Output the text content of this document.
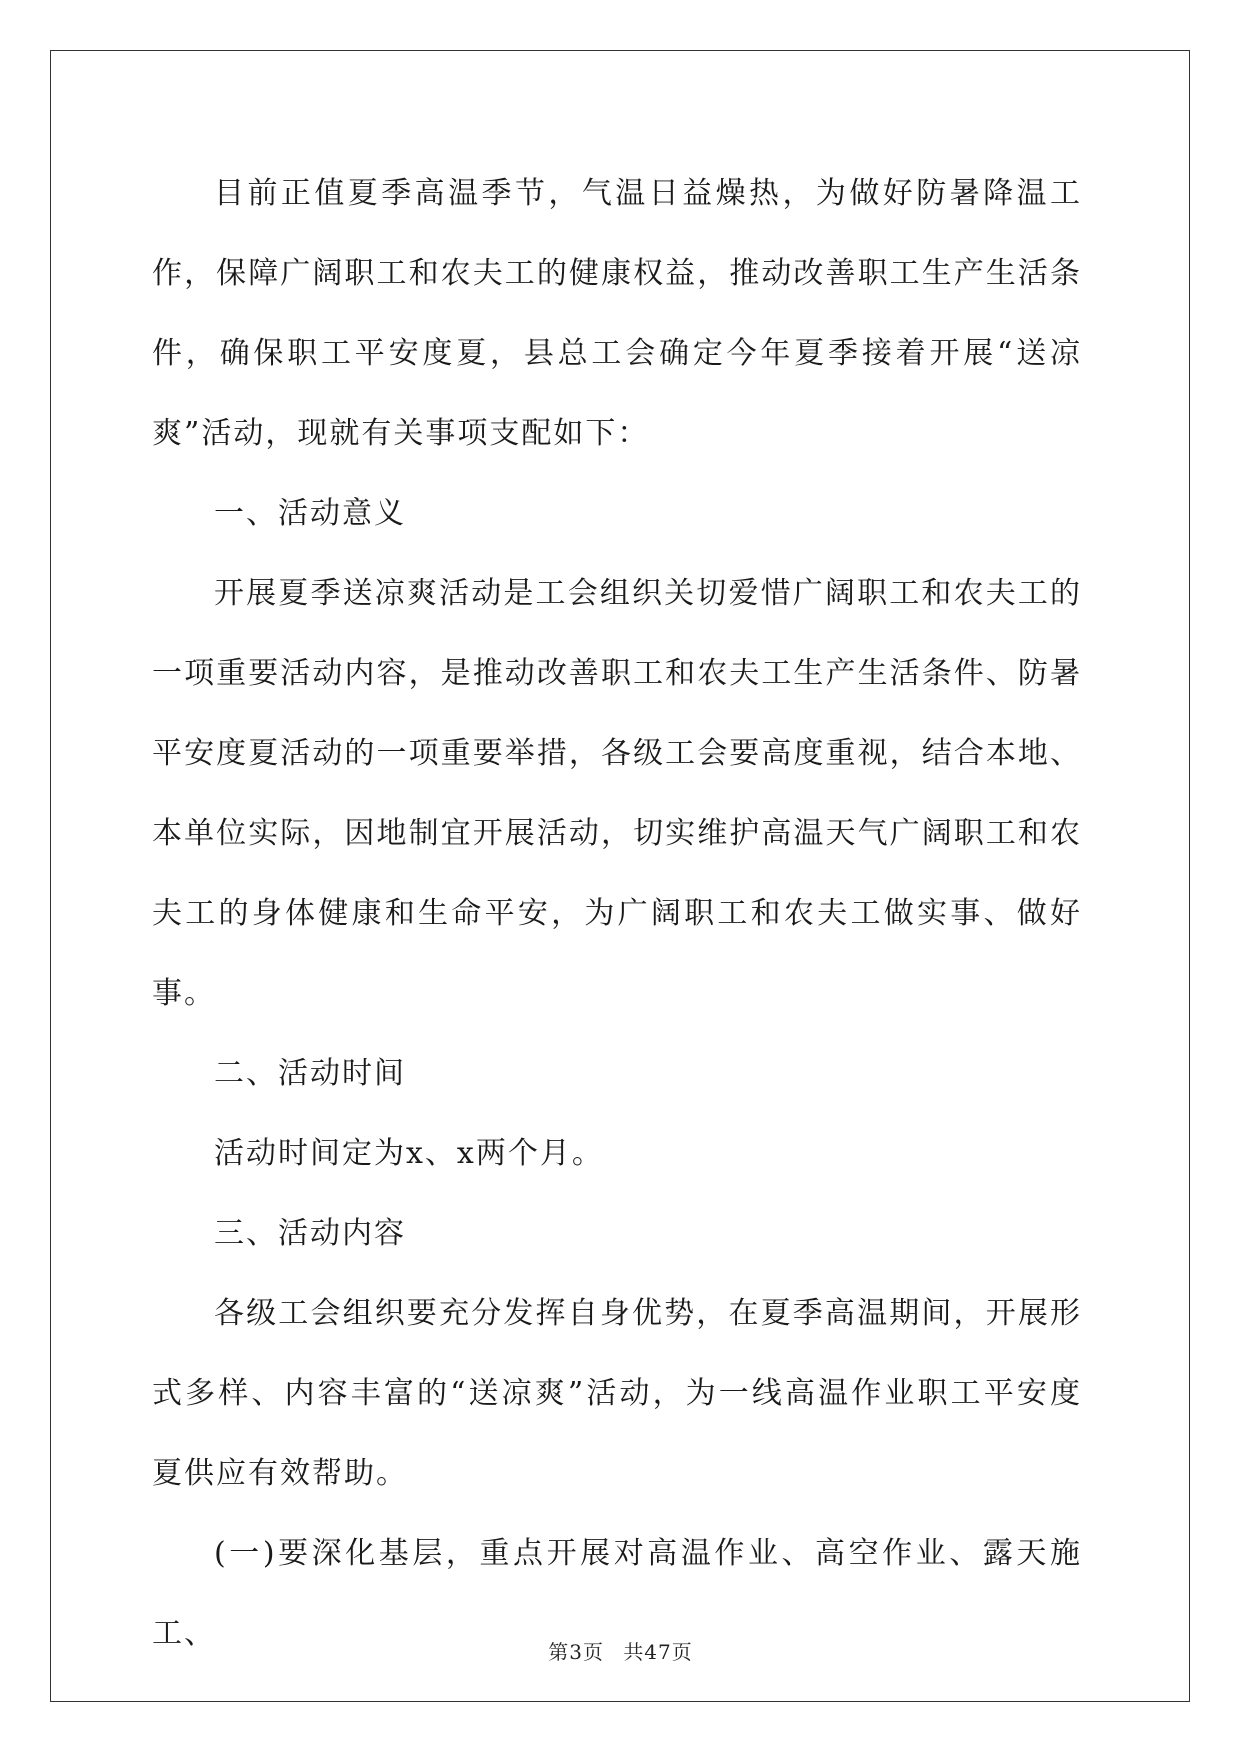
目前正值夏季高温季节，气温日益燥热，为做好防暑降温工作，保障广阔职工和农夫工的健康权益，推动改善职工生产生活条件，确保职工平安度夏，县总工会确定今年夏季接着开展“送凉爽”活动，现就有关事项支配如下：

一、活动意义

开展夏季送凉爽活动是工会组织关切爱惜广阔职工和农夫工的一项重要活动内容，是推动改善职工和农夫工生产生活条件、防暑平安度夏活动的一项重要举措，各级工会要高度重视，结合本地、本单位实际，因地制宜开展活动，切实维护高温天气广阔职工和农夫工的身体健康和生命平安，为广阔职工和农夫工做实事、做好事。

二、活动时间

活动时间定为x、x两个月。

三、活动内容

各级工会组织要充分发挥自身优势，在夏季高温期间，开展形式多样、内容丰富的“送凉爽”活动，为一线高温作业职工平安度夏供应有效帮助。

(一)要深化基层，重点开展对高温作业、高空作业、露天施工、

第3页 共47页
